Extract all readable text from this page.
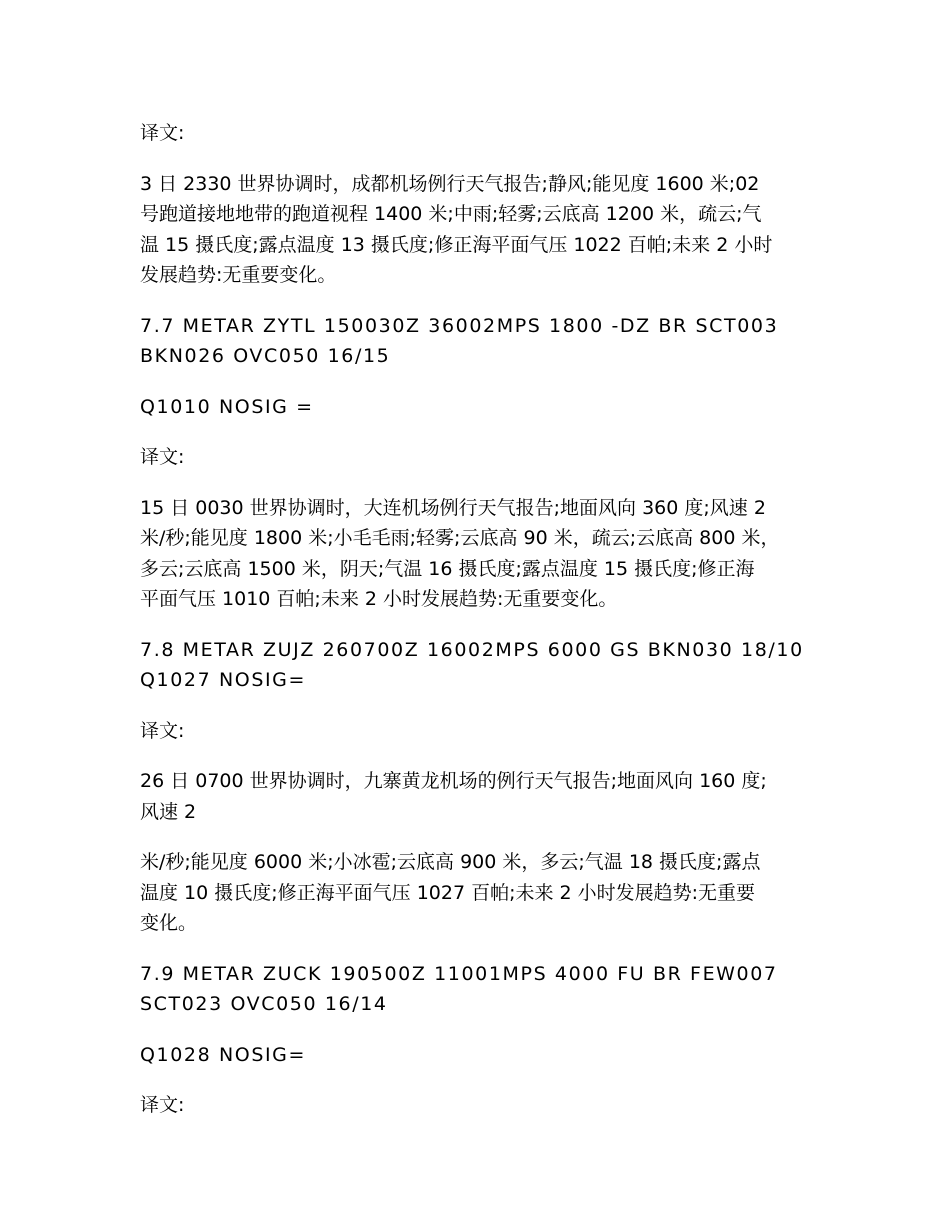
译文:

3 日 2330 世界协调时，成都机场例行天气报告;静风;能见度 1600 米;02
号跑道接地地带的跑道视程 1400 米;中雨;轻雾;云底高 1200 米，疏云;气
温 15 摄氏度;露点温度 13 摄氏度;修正海平面气压 1022 百帕;未来 2 小时
发展趋势:无重要变化。

7.7 METAR ZYTL 150030Z 36002MPS 1800 -DZ BR SCT003
BKN026 OVC050 16/15

Q1010 NOSIG =

译文:

15 日 0030 世界协调时，大连机场例行天气报告;地面风向 360 度;风速 2
米/秒;能见度 1800 米;小毛毛雨;轻雾;云底高 90 米，疏云;云底高 800 米，
多云;云底高 1500 米，阴天;气温 16 摄氏度;露点温度 15 摄氏度;修正海
平面气压 1010 百帕;未来 2 小时发展趋势:无重要变化。

7.8 METAR ZUJZ 260700Z 16002MPS 6000 GS BKN030 18/10
Q1027 NOSIG=

译文:

26 日 0700 世界协调时，九寨黄龙机场的例行天气报告;地面风向 160 度;
风速 2

米/秒;能见度 6000 米;小冰雹;云底高 900 米，多云;气温 18 摄氏度;露点
温度 10 摄氏度;修正海平面气压 1027 百帕;未来 2 小时发展趋势:无重要
变化。

7.9 METAR ZUCK 190500Z 11001MPS 4000 FU BR FEW007
SCT023 OVC050 16/14

Q1028 NOSIG=

译文:
